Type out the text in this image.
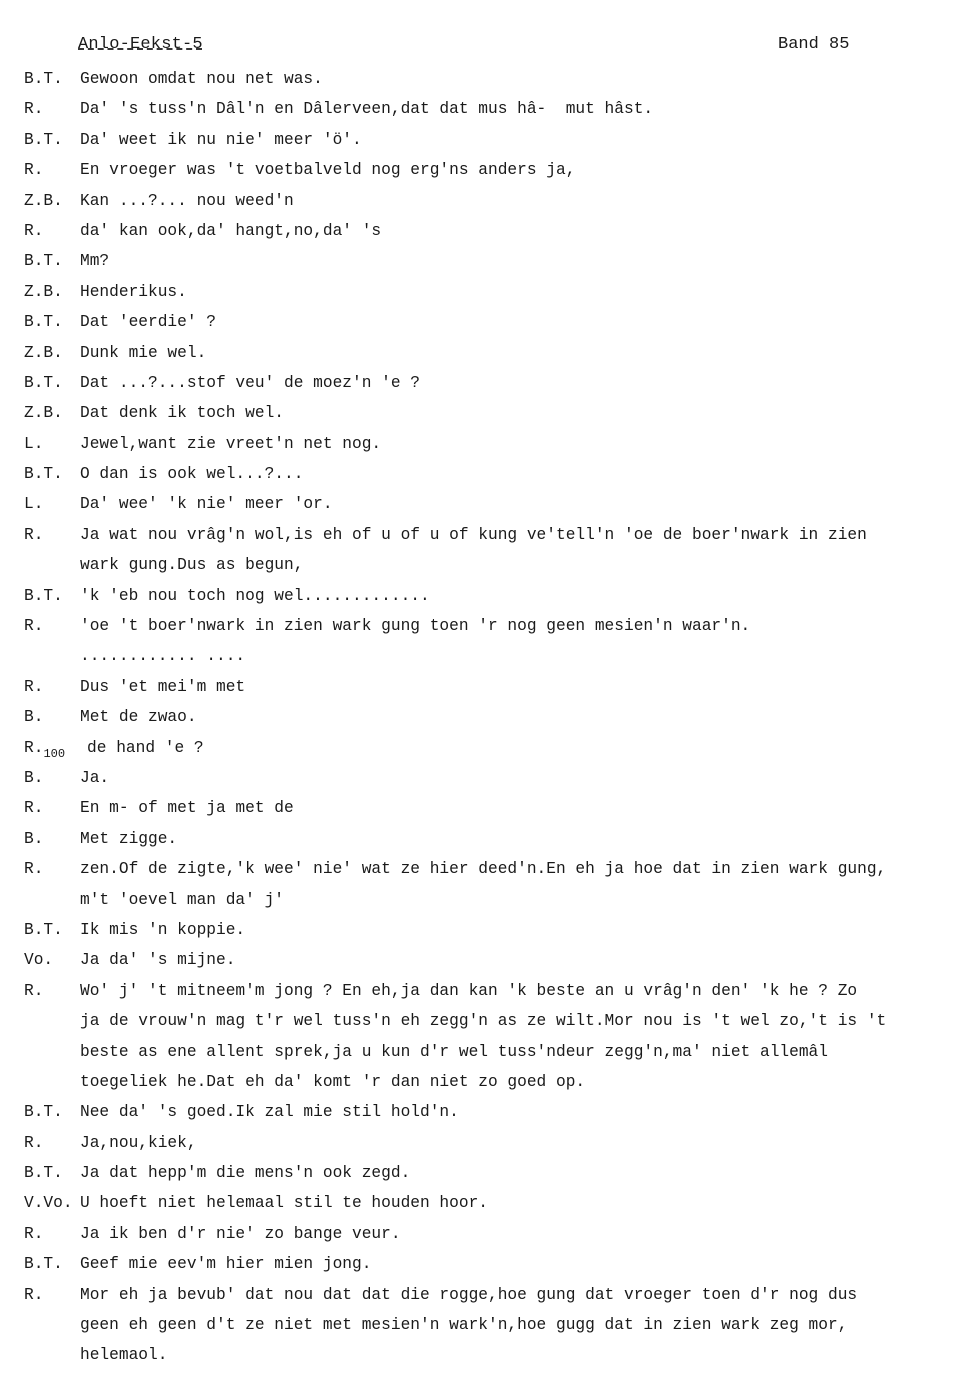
Anlo-Eekst-5	Band 85
B.T.	Gewoon omdat nou net was.
R.	Da' 's tuss'n Dâl'n en Dâlerveen,dat dat mus hâ-  mut hâst.
B.T.	Da' weet ik nu nie' meer 'ö'.
R.	En vroeger was 't voetbalveld nog erg'ns anders ja,
Z.B.	Kan ...?... nou weed'n
R.	da' kan ook,da' hangt,no,da' 's
B.T.	Mm?
Z.B.	Henderikus.
B.T.	Dat 'eerdie' ?
Z.B.	Dunk mie wel.
B.T.	Dat ...?...stof veu' de moez'n 'e ?
Z.B.	Dat denk ik toch wel.
L.	Jewel,want zie vreet'n net nog.
B.T.	O dan is ook wel...?...
L.	Da' wee' 'k nie' meer 'or.
R.	Ja wat nou vrâg'n wol,is eh of u of u of kung ve'tell'n 'oe de boer'nwark in zien
wark gung.Dus as begun,
B.T.	'k 'eb nou toch nog wel.............
R.	'oe 't boer'nwark in zien wark gung toen 'r nog geen mesien'n waar'n.
............ ....
R.	Dus 'et mei'm met
B.	Met de zwao.
R. 100 de hand 'e ?
B.	Ja.
R.	En m- of met ja met de
B.	Met zigge.
R.	zen.Of de zigte,'k wee' nie' wat ze hier deed'n.En eh ja hoe dat in zien wark gung,
m't 'oevel man da' j'
B.T.	Ik mis 'n koppie.
Vo.	Ja da' 's mijne.
R.	Wo' j' 't mitneem'm jong ? En eh,ja dan kan 'k beste an u vrâg'n den' 'k he ? Zo
ja de vrouw'n mag t'r wel tuss'n eh zegg'n as ze wilt.Mor nou is 't wel zo,'t is 't
beste as ene allent sprek,ja u kun d'r wel tuss'ndeur zegg'n,ma' niet allemâl
toegeliek he.Dat eh da' komt 'r dan niet zo goed op.
B.T.	Nee da' 's goed.Ik zal mie stil hold'n.
R.	Ja,nou,kiek,
B.T.	Ja dat hepp'm die mens'n ook zegd.
V.Vo. U hoeft niet helemaal stil te houden hoor.
R.	Ja ik ben d'r nie' zo bange veur.
B.T.	Geef mie eev'm hier mien jong.
R.	Mor eh ja bevub' dat nou dat dat die rogge,hoe gung dat vroeger toen d'r nog dus
geen eh geen d't ze niet met mesien'n wark'n,hoe gugg dat in zien wark zeg mor,
helemaol.
